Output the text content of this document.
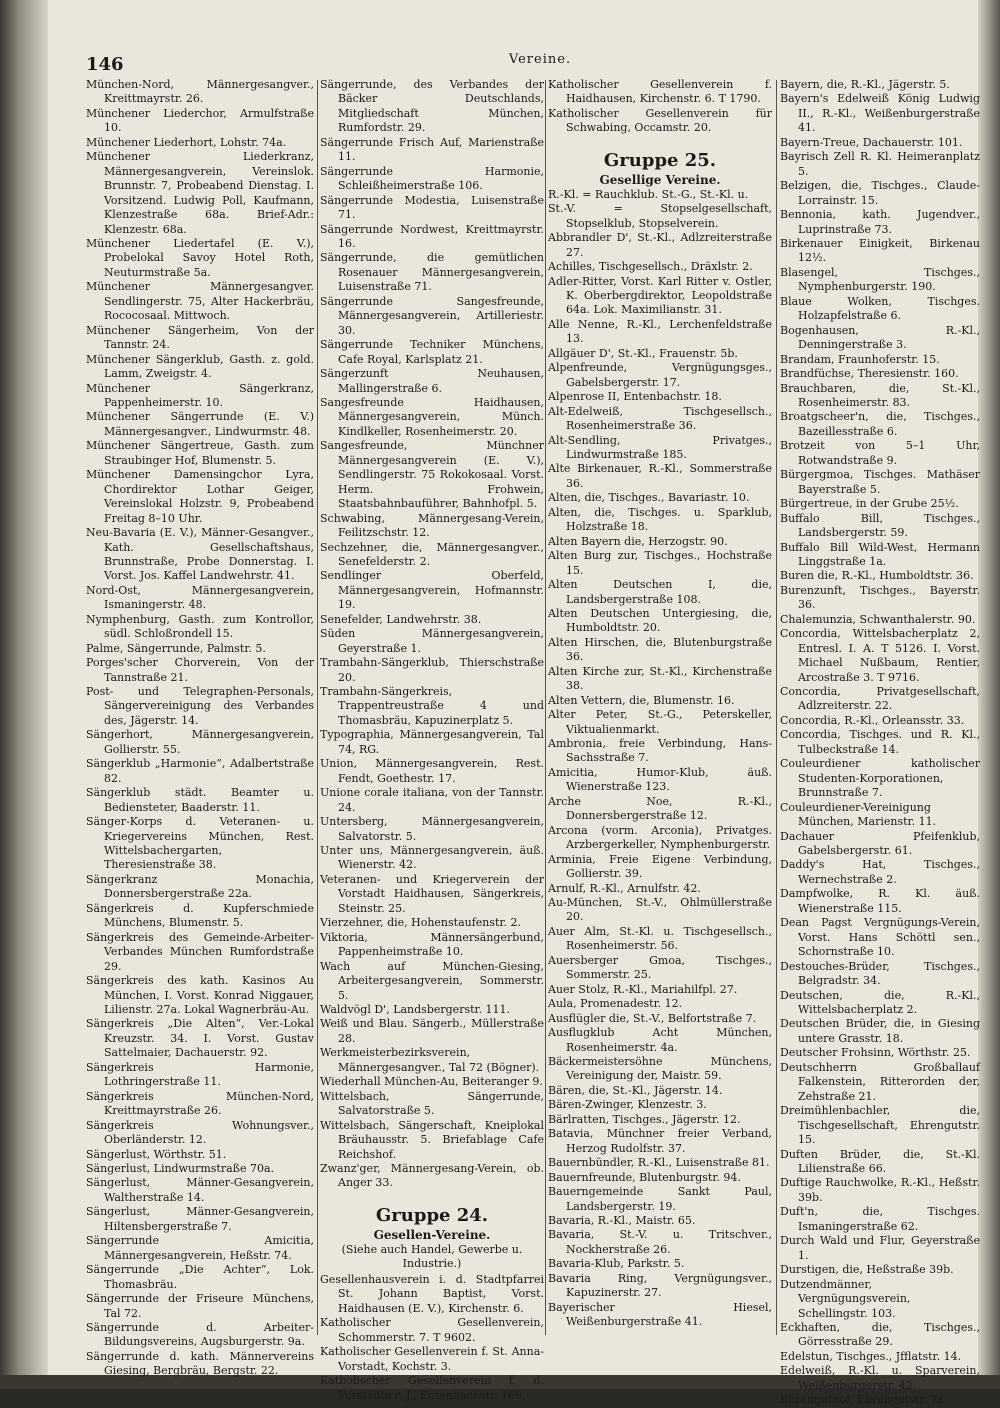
146	Vereine.

München-Nord, Männergesangver., Kreittmayrstr. 26.

Münchener Liederchor, Armulfstraße 10.

Münchener Liederhort, Lohstr. 74a.

Münchener Liederkranz, Männergesangverein, Vereinslok. Brunnstr. 7, Probeabend Dienstag. I. Vorsitzend. Ludwig Poll, Kaufmann, Klenzestraße 68a. Brief-Adr.: Klenzestr. 68a.

Münchener Liedertafel (E. V.), Probelokal Savoy Hotel Roth, Neuturmstraße 5a.

Münchener Männergesangver. Sendlingerstr. 75, Alter Hackerbräu, Rococosaal. Mittwoch.

Münchener Sängerheim, Von der Tannstr. 24.

Münchener Sängerklub, Gasth. z. gold. Lamm, Zweigstr. 4.

Münchener Sängerkranz, Pappenheimerstr. 10.

Münchener Sängerrunde (E. V.) Männergesangver., Lindwurmstr. 48.

Münchener Sängertreue, Gasth. zum Straubinger Hof, Blumenstr. 5.

Münchener Damensingchor Lyra, Chordirektor Lothar Geiger, Vereinslokal Holzstr. 9, Probeabend Freitag 8–10 Uhr.

Neu-Bavaria (E. V.), Männer-Gesangver., Kath. Gesellschaftshaus, Brunnstraße, Probe Donnerstag. I. Vorst. Jos. Kaffel Landwehrstr. 41.

Nord-Ost, Männergesangverein, Ismaningerstr. 48.

Nymphenburg, Gasth. zum Kontrollor, südl. Schloßrondell 15.

Palme, Sängerrunde, Palmstr. 5.

Porges'scher Chorverein, Von der Tannstraße 21.

Post- und Telegraphen-Personals, Sängervereinigung des Verbandes des, Jägerstr. 14.

Sängerhort, Männergesangverein, Gollierstr. 55.

Sängerklub „Harmonie“, Adalbertstraße 82.

Sängerklub städt. Beamter u. Bediensteter, Baaderstr. 11.

Sänger-Korps d. Veteranen- u. Kriegervereins München, Rest. Wittelsbachergarten, Theresienstraße 38.

Sängerkranz Monachia, Donnersbergerstraße 22a.

Sängerkreis d. Kupferschmiede Münchens, Blumenstr. 5.

Sängerkreis des Gemeinde-Arbeiter-Verbandes München Rumfordstraße 29.

Sängerkreis des kath. Kasinos Au München, I. Vorst. Konrad Niggauer, Lilienstr. 27a. Lokal Wagnerbräu-Au.

Sängerkreis „Die Alten“, Ver.-Lokal Kreuzstr. 34. I. Vorst. Gustav Sattelmaier, Dachauerstr. 92.

Sängerkreis Harmonie, Lothringerstraße 11.

Sängerkreis München-Nord, Kreittmayrstraße 26.

Sängerkreis Wohnungsver., Oberländerstr. 12.

Sängerlust, Wörthstr. 51.

Sängerlust, Lindwurmstraße 70a.

Sängerlust, Männer-Gesangverein, Waltherstraße 14.

Sängerlust, Männer-Gesangverein, Hiltensbergerstraße 7.

Sängerrunde Amicitia, Männergesangverein, Heßstr. 74.

Sängerrunde „Die Achter“, Lok. Thomasbräu.

Sängerrunde der Friseure Münchens, Tal 72.

Sängerrunde d. Arbeiter-Bildungsvereins, Augsburgerstr. 9a.

Sängerrunde d. kath. Männervereins Giesing, Bergbräu, Bergstr. 22.

Sängerrunde, des Verbandes der Bäcker Deutschlands, Mitgliedschaft München, Rumfordstr. 29.

Sängerrunde Frisch Auf, Marienstraße 11.

Sängerrunde Harmonie, Schleißheimerstraße 106.

Sängerrunde Modestia, Luisenstraße 71.

Sängerrunde Nordwest, Kreittmayrstr. 16.

Sängerrunde, die gemütlichen Rosenauer Männergesangverein, Luisenstraße 71.

Sängerrunde Sangesfreunde, Männergesangverein, Artilleriestr. 30.

Sängerrunde Techniker Münchens, Cafe Royal, Karlsplatz 21.

Sängerzunft Neuhausen, Mallingerstraße 6.

Sangesfreunde Haidhausen, Männergesangverein, Münch. Kindlkeller, Rosenheimerstr. 20.

Sangesfreunde, Münchner Männergesangverein (E. V.), Sendlingerstr. 75 Rokokosaal. Vorst. Herm. Frohwein, Staatsbahnbauführer, Bahnhofpl. 5.

Schwabing, Männergesang-Verein, Feilitzschstr. 12.

Sechzehner, die, Männergesangver., Senefelderstr. 2.

Sendlinger Oberfeld, Männergesangverein, Hofmannstr. 19.

Senefelder, Landwehrstr. 38.

Süden Männergesangverein, Geyerstraße 1.

Trambahn-Sängerklub, Thierschstraße 20.

Trambahn-Sängerkreis, Trappentreustraße 4 und Thomasbräu, Kapuzinerplatz 5.

Typographia, Männergesangverein, Tal 74, RG.

Union, Männergesangverein, Rest. Fendt, Goethestr. 17.

Unione corale italiana, von der Tannstr. 24.

Untersberg, Männergesangverein, Salvatorstr. 5.

Unter uns, Männergesangverein, äuß. Wienerstr. 42.

Veteranen- und Kriegerverein der Vorstadt Haidhausen, Sängerkreis, Steinstr. 25.

Vierzehner, die, Hohenstaufenstr. 2.

Viktoria, Männersängerbund, Pappenheimstraße 10.

Wach auf München-Giesing, Arbeitergesangverein, Sommerstr. 5.

Waldvögl D', Landsbergerstr. 111.

Weiß und Blau. Sängerb., Müllerstraße 28.

Werkmeisterbezirksverein, Männergesangver., Tal 72 (Bögner).

Wiederhall München-Au, Beiteranger 9.

Wittelsbach, Sängerrunde, Salvatorstraße 5.

Wittelsbach, Sängerschaft, Kneiplokal Bräuhausstr. 5. Briefablage Cafe Reichshof.

Zwanz'ger, Männergesang-Verein, ob. Anger 33.

Gruppe 24.

Gesellen-Vereine.

(Siehe auch Handel, Gewerbe u. Industrie.)

Gesellenhausverein i. d. Stadtpfarrei St. Johann Baptist, Vorst. Haidhausen (E. V.), Kirchenstr. 6.

Katholischer Gesellenverein, Schommerstr. 7. T 9602.

Katholischer Gesellenverein f. St. Anna-Vorstadt, Kochstr. 3.

Katholischer Gesellenverein f. d. Vorstädte r. J., Entenbachstr. 169.

Katholischer Gesellenverein f. Haidhausen, Kirchenstr. 6. T 1790.

Katholischer Gesellenverein für Schwabing, Occamstr. 20.

Gruppe 25.

Gesellige Vereine.

R.-Kl. = Rauchklub. St.-G., St.-Kl. u.

St.-V. = Stopselgesellschaft, Stopselklub, Stopselverein.

Abbrandler D', St.-Kl., Adlzreiterstraße 27.

Achilles, Tischgesellsch., Dräxlstr. 2.

Adler-Ritter, Vorst. Karl Ritter v. Ostler, K. Oberbergdirektor, Leopoldstraße 64a. Lok. Maximilianstr. 31.

Alle Nenne, R.-Kl., Lerchenfeldstraße 13.

Allgäuer D', St.-Kl., Frauenstr. 5b.

Alpenfreunde, Vergnügungsges., Gabelsbergerstr. 17.

Alpenrose II, Entenbachstr. 18.

Alt-Edelweiß, Tischgesellsch., Rosenheimerstraße 36.

Alt-Sendling, Privatges., Lindwurmstraße 185.

Alte Birkenauer, R.-Kl., Sommerstraße 36.

Alten, die, Tischges., Bavariastr. 10.

Alten, die, Tischges. u. Sparklub, Holzstraße 18.

Alten Bayern die, Herzogstr. 90.

Alten Burg zur, Tischges., Hochstraße 15.

Alten Deutschen I, die, Landsbergerstraße 108.

Alten Deutschen Untergiesing, die, Humboldtstr. 20.

Alten Hirschen, die, Blutenburgstraße 36.

Alten Kirche zur, St.-Kl., Kirchenstraße 38.

Alten Vettern, die, Blumenstr. 16.

Alter Peter, St.-G., Peterskeller, Viktualienmarkt.

Ambronia, freie Verbindung, Hans-Sachsstraße 7.

Amicitia, Humor-Klub, äuß. Wienerstraße 123.

Arche Noe, R.-Kl., Donnersbergerstraße 12.

Arcona (vorm. Arconia), Privatges. Arzbergerkeller, Nymphenburgerstr.

Arminia, Freie Eigene Verbindung, Gollierstr. 39.

Arnulf, R.-Kl., Arnulfstr. 42.

Au-München, St.-V., Ohlmüllerstraße 20.

Auer Alm, St.-Kl. u. Tischgesellsch., Rosenheimerstr. 56.

Auersberger Gmoa, Tischges., Sommerstr. 25.

Auer Stolz, R.-Kl., Mariahilfpl. 27.

Aula, Promenadestr. 12.

Ausflügler die, St.-V., Belfortstraße 7.

Ausflugklub Acht München, Rosenheimerstr. 4a.

Bäckermeistersöhne Münchens, Vereinigung der, Maistr. 59.

Bären, die, St.-Kl., Jägerstr. 14.

Bären-Zwinger, Klenzestr. 3.

Bärlratten, Tischges., Jägerstr. 12.

Batavia, Münchner freier Verband, Herzog Rudolfstr. 37.

Bauernbündler, R.-Kl., Luisenstraße 81.

Bauernfreunde, Blutenburgstr. 94.

Bauerngemeinde Sankt Paul, Landsbergerstr. 19.

Bavaria, R.-Kl., Maistr. 65.

Bavaria, St.-V. u. Tritschver., Nockherstraße 26.

Bavaria-Klub, Parkstr. 5.

Bavaria Ring, Vergnügungsver., Kapuzinerstr. 27.

Bayerischer Hiesel, Weißenburgerstraße 41.

Bayern, die, R.-Kl., Jägerstr. 5.

Bayern's Edelweiß König Ludwig II., R.-Kl., Weißenburgerstraße 41.

Bayern-Treue, Dachauerstr. 101.

Bayrisch Zell R. Kl. Heimeranplatz 5.

Belzigen, die, Tischges., Claude-Lorrainstr. 15.

Bennonia, kath. Jugendver., Luprinstraße 73.

Birkenauer Einigkeit, Birkenau 12½.

Blasengel, Tischges., Nymphenburgerstr. 190.

Blaue Wolken, Tischges. Holzapfelstraße 6.

Bogenhausen, R.-Kl., Denningerstraße 3.

Brandam, Fraunhoferstr. 15.

Brandfüchse, Theresienstr. 160.

Brauchbaren, die, St.-Kl., Rosenheimerstr. 83.

Broatgscheer'n, die, Tischges., Bazeillesstraße 6.

Brotzeit von 5–1 Uhr, Rotwandstraße 9.

Bürgergmoa, Tischges. Mathäser Bayerstraße 5.

Bürgertreue, in der Grube 25½.

Buffalo Bill, Tischges., Landsbergerstr. 59.

Buffalo Bill Wild-West, Hermann Linggstraße 1a.

Buren die, R.-Kl., Humboldtstr. 36.

Burenzunft, Tischges., Bayerstr. 36.

Chalemunzia, Schwanthalerstr. 90.

Concordia, Wittelsbacherplatz 2, Entresl. I. A. T 5126. I. Vorst. Michael Nußbaum, Rentier, Arcostraße 3. T 9716.

Concordia, Privatgesellschaft, Adlzreiterstr. 22.

Concordia, R.-Kl., Orleansstr. 33.

Concordia, Tischges. und R. Kl., Tulbeckstraße 14.

Couleurdiener katholischer Studenten-Korporationen, Brunnstraße 7.

Couleurdiener-Vereinigung München, Marienstr. 11.

Dachauer Pfeifenklub, Gabelsbergerstr. 61.

Daddy's Hat, Tischges., Wernechstraße 2.

Dampfwolke, R. Kl. äuß. Wienerstraße 115.

Dean Pagst Vergnügungs-Verein, Vorst. Hans Schöttl sen., Schornstraße 10.

Destouches-Brüder, Tischges., Belgradstr. 34.

Deutschen, die, R.-Kl., Wittelsbacherplatz 2.

Deutschen Brüder, die, in Giesing untere Grasstr. 18.

Deutscher Frohsinn, Wörthstr. 25.

Deutschherrn Großballauf Falkenstein, Ritterorden der, Zehstraße 21.

Dreimühlenbachler, die, Tischgesellschaft, Ehrengutstr. 15.

Duften Brüder, die, St.-Kl. Lilienstraße 66.

Duftige Rauchwolke, R.-Kl., Heßstr. 39b.

Duft'n, die, Tischges. Ismaningerstraße 62.

Durch Wald und Flur, Geyerstraße 1.

Durstigen, die, Heßstraße 39b.

Dutzendmänner, Vergnügungsverein, Schellingstr. 103.

Eckhaften, die, Tischges., Görresstraße 29.

Edelstun, Tischges., Jfflatstr. 14.

Edelweiß, R.-Kl. u. Sparverein, Weißenburgerstr. 42.

Ehrenguthof, Ehrengutstr. 7a.
